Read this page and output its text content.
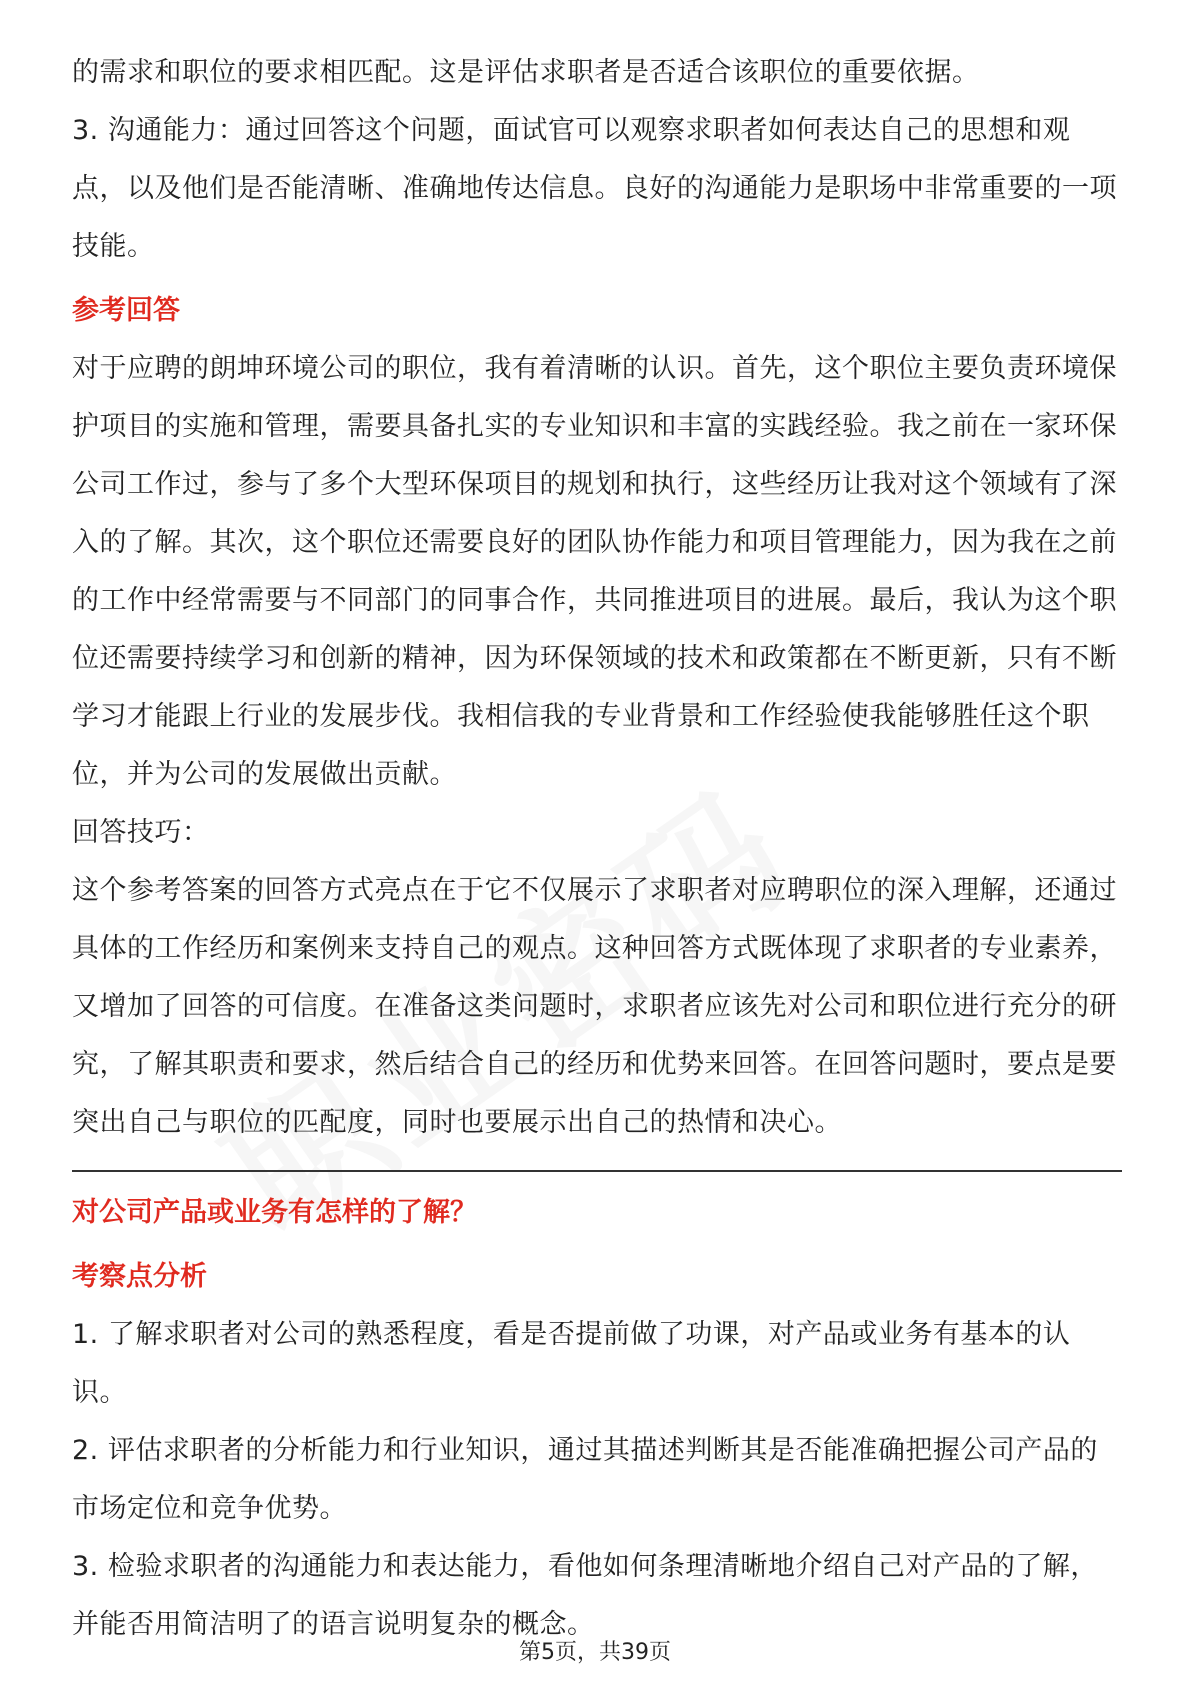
的需求和职位的要求相匹配。这是评估求职者是否适合该职位的重要依据。

3. 沟通能力：通过回答这个问题，面试官可以观察求职者如何表达自己的思想和观点，以及他们是否能清晰、准确地传达信息。良好的沟通能力是职场中非常重要的一项技能。

参考回答

对于应聘的朗坤环境公司的职位，我有着清晰的认识。首先，这个职位主要负责环境保护项目的实施和管理，需要具备扎实的专业知识和丰富的实践经验。我之前在一家环保公司工作过，参与了多个大型环保项目的规划和执行，这些经历让我对这个领域有了深入的了解。其次，这个职位还需要良好的团队协作能力和项目管理能力，因为我在之前的工作中经常需要与不同部门的同事合作，共同推进项目的进展。最后，我认为这个职位还需要持续学习和创新的精神，因为环保领域的技术和政策都在不断更新，只有不断学习才能跟上行业的发展步伐。我相信我的专业背景和工作经验使我能够胜任这个职位，并为公司的发展做出贡献。

回答技巧：

这个参考答案的回答方式亮点在于它不仅展示了求职者对应聘职位的深入理解，还通过具体的工作经历和案例来支持自己的观点。这种回答方式既体现了求职者的专业素养，又增加了回答的可信度。在准备这类问题时，求职者应该先对公司和职位进行充分的研究，了解其职责和要求，然后结合自己的经历和优势来回答。在回答问题时，要点是要突出自己与职位的匹配度，同时也要展示出自己的热情和决心。

对公司产品或业务有怎样的了解？
考察点分析

1. 了解求职者对公司的熟悉程度，看是否提前做了功课，对产品或业务有基本的认识。

2. 评估求职者的分析能力和行业知识，通过其描述判断其是否能准确把握公司产品的市场定位和竞争优势。

3. 检验求职者的沟通能力和表达能力，看他如何条理清晰地介绍自己对产品的了解，并能否用简洁明了的语言说明复杂的概念。

第5页，共39页
